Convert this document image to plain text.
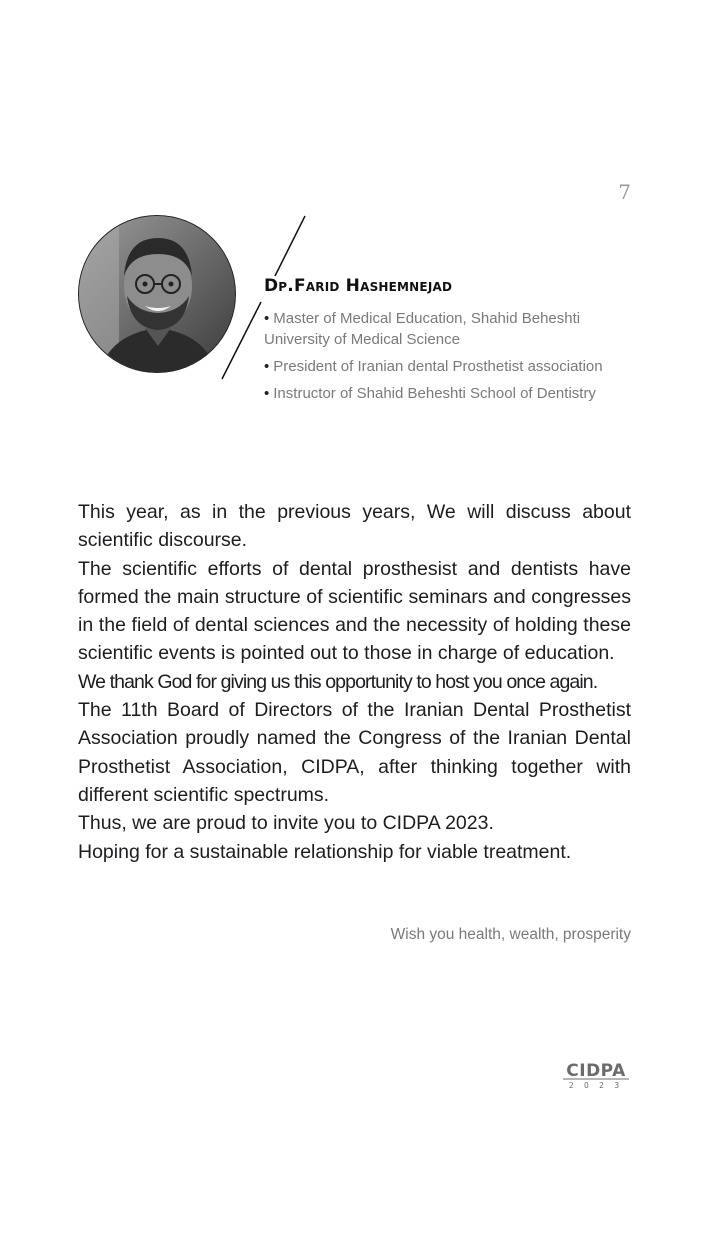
7
Dp.Farid Hashemnejad
• Master of Medical Education, Shahid Beheshti University of Medical Science
• President of Iranian dental Prosthetist association
• Instructor of Shahid Beheshti School of Dentistry

This year, as in the previous years, We will discuss about scientific discourse.

The scientific efforts of dental prosthesist and dentists have formed the main structure of scientific seminars and congresses in the field of dental sciences and the necessity of holding these scientific events is pointed out to those in charge of education.

We thank God for giving us this opportunity to host you once again.

The 11th Board of Directors of the Iranian Dental Prosthetist Association proudly named the Congress of the Iranian Dental Prosthetist Association, CIDPA, after thinking together with different scientific spectrums.

Thus, we are proud to invite you to CIDPA 2023.

Hoping for a sustainable relationship for viable treatment.

Wish you health, wealth, prosperity
CIDPA
2 0 2 3
